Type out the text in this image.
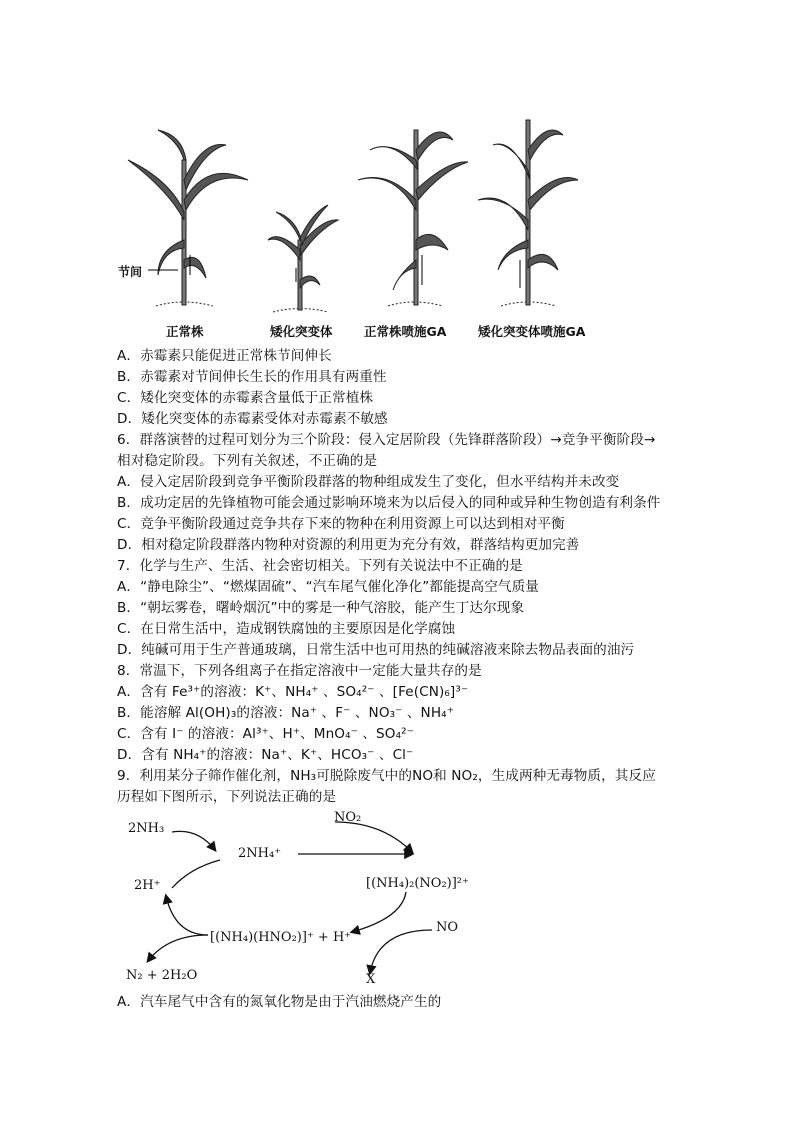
节间
正常株	矮化突变体	正常株喷施GA	矮化突变体喷施GA
A．赤霉素只能促进正常株节间伸长
B．赤霉素对节间伸长生长的作用具有两重性
C．矮化突变体的赤霉素含量低于正常植株
D．矮化突变体的赤霉素受体对赤霉素不敏感
6．群落演替的过程可划分为三个阶段：侵入定居阶段（先锋群落阶段）→竞争平衡阶段→
相对稳定阶段。下列有关叙述，不正确的是
A．侵入定居阶段到竞争平衡阶段群落的物种组成发生了变化，但水平结构并未改变
B．成功定居的先锋植物可能会通过影响环境来为以后侵入的同种或异种生物创造有利条件
C．竞争平衡阶段通过竞争共存下来的物种在利用资源上可以达到相对平衡
D．相对稳定阶段群落内物种对资源的利用更为充分有效，群落结构更加完善
7．化学与生产、生活、社会密切相关。下列有关说法中不正确的是
A．“静电除尘”、“燃煤固硫”、“汽车尾气催化净化”都能提高空气质量
B．“朝坛雾卷，曙岭烟沉”中的雾是一种气溶胶，能产生丁达尔现象
C．在日常生活中，造成钢铁腐蚀的主要原因是化学腐蚀
D．纯碱可用于生产普通玻璃，日常生活中也可用热的纯碱溶液来除去物品表面的油污
8．常温下，下列各组离子在指定溶液中一定能大量共存的是
A．含有 Fe³⁺的溶液：K⁺、NH₄⁺ 、SO₄²⁻ 、[Fe(CN)₆]³⁻
B．能溶解 Al(OH)₃的溶液：Na⁺ 、F⁻ 、NO₃⁻ 、NH₄⁺
C．含有 I⁻ 的溶液：Al³⁺、H⁺、MnO₄⁻ 、SO₄²⁻
D．含有 NH₄⁺的溶液：Na⁺、K⁺、HCO₃⁻ 、Cl⁻
9．利用某分子筛作催化剂，NH₃可脱除废气中的NO和 NO₂，生成两种无毒物质，其反应
历程如下图所示，下列说法正确的是
2NH₃
2NH₄⁺
NO₂
[(NH₄)₂(NO₂)]²⁺
2H⁺
NO
[(NH₄)(HNO₂)]⁺ + H⁺
N₂ + 2H₂O	X
A．汽车尾气中含有的氮氧化物是由于汽油燃烧产生的
